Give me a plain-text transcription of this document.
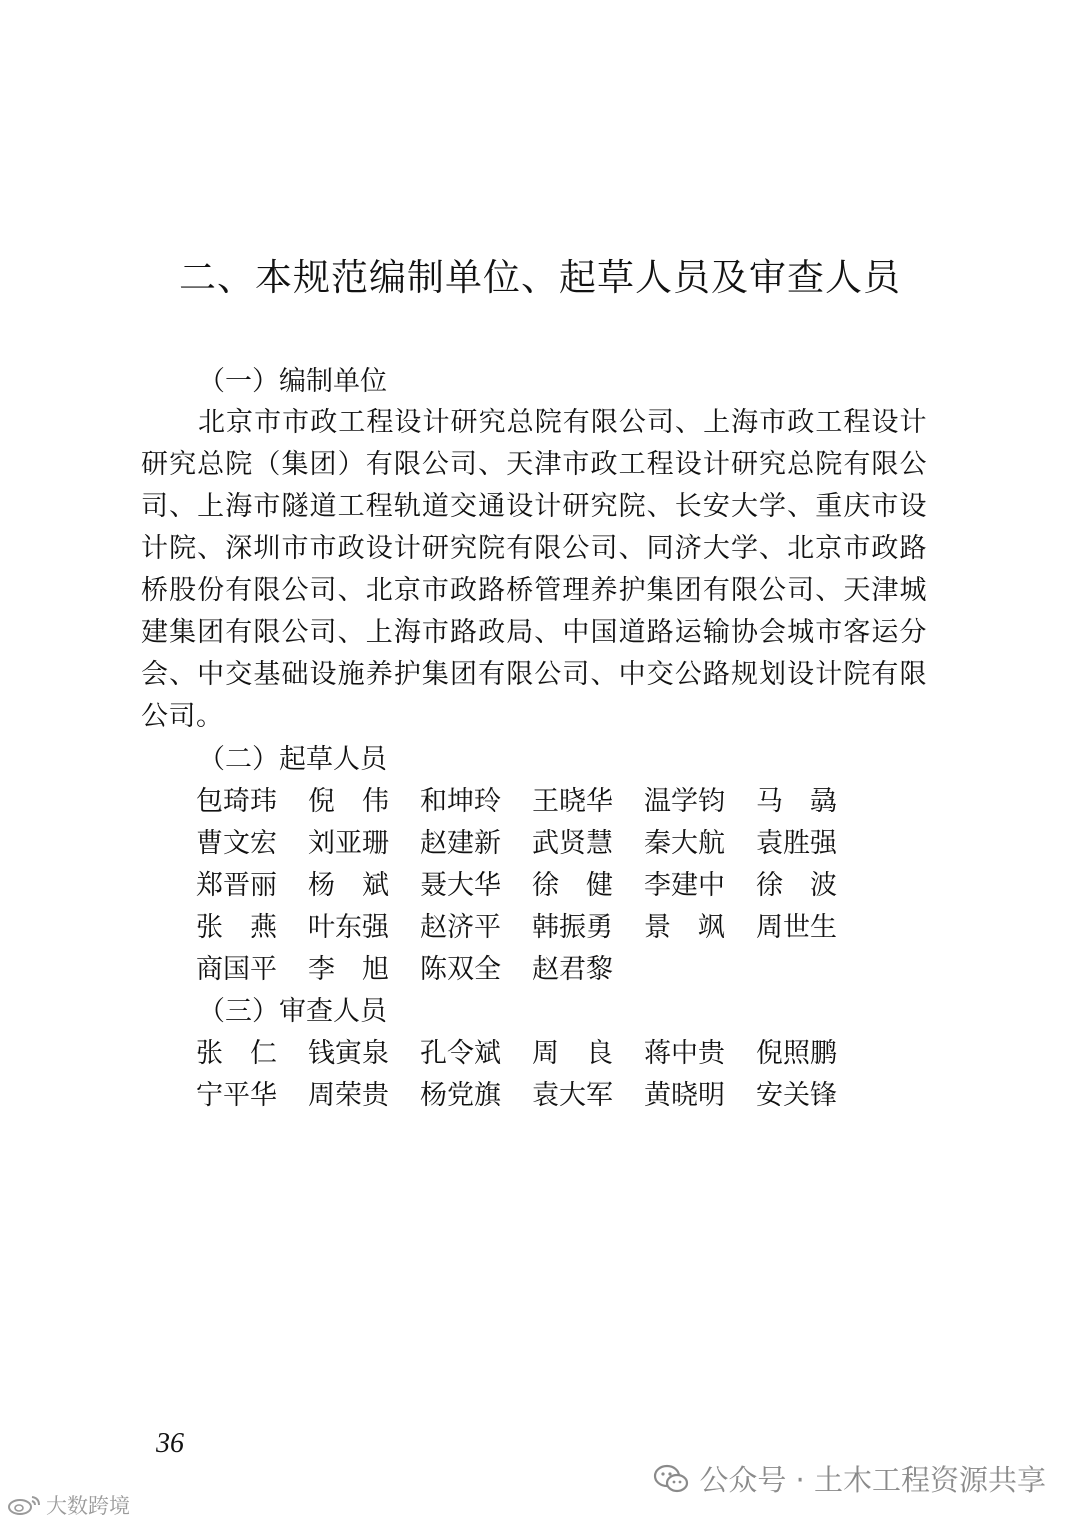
二、本规范编制单位、起草人员及审查人员
（一）编制单位
北京市市政工程设计研究总院有限公司、上海市政工程设计研究总院（集团）有限公司、天津市政工程设计研究总院有限公司、上海市隧道工程轨道交通设计研究院、长安大学、重庆市设计院、深圳市市政设计研究院有限公司、同济大学、北京市政路桥股份有限公司、北京市政路桥管理养护集团有限公司、天津城建集团有限公司、上海市路政局、中国道路运输协会城市客运分会、中交基础设施养护集团有限公司、中交公路规划设计院有限公司。
（二）起草人员
包琦玮 倪　伟 和坤玲 王晓华 温学钧 马　骉
曹文宏 刘亚珊 赵建新 武贤慧 秦大航 袁胜强
郑晋丽 杨　斌 聂大华 徐　健 李建中 徐　波
张　燕 叶东强 赵济平 韩振勇 景　飒 周世生
商国平 李　旭 陈双全 赵君黎
（三）审查人员
张　仁 钱寅泉 孔令斌 周　良 蒋中贵 倪照鹏
宁平华 周荣贵 杨党旗 袁大军 黄晓明 安关锋
36
公众号 · 土木工程资源共享
大数跨境
